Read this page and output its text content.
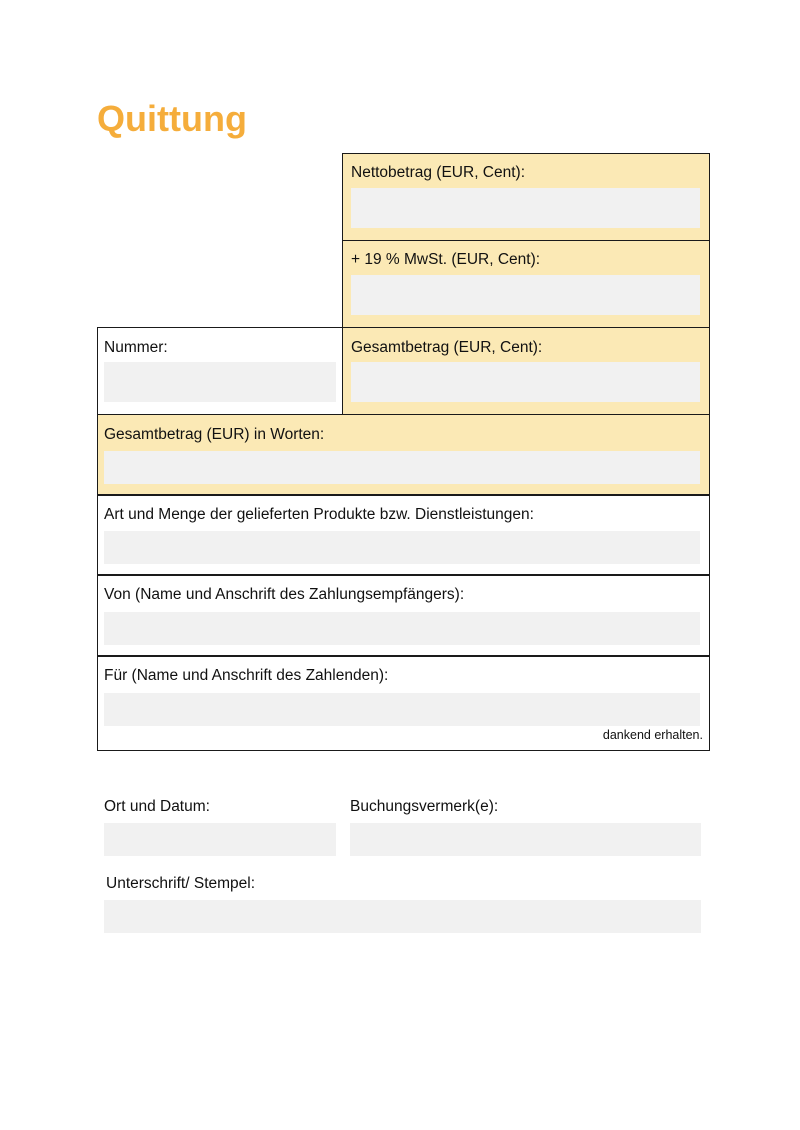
Quittung
Nettobetrag (EUR, Cent):
+ 19 % MwSt. (EUR, Cent):
Nummer:	Gesamtbetrag (EUR, Cent):
Gesamtbetrag (EUR) in Worten:
Art und Menge der gelieferten Produkte bzw. Dienstleistungen:
Von (Name und Anschrift des Zahlungsempfängers):
Für (Name und Anschrift des Zahlenden):
dankend erhalten.
Ort und Datum:	Buchungsvermerk(e):
Unterschrift/ Stempel:
